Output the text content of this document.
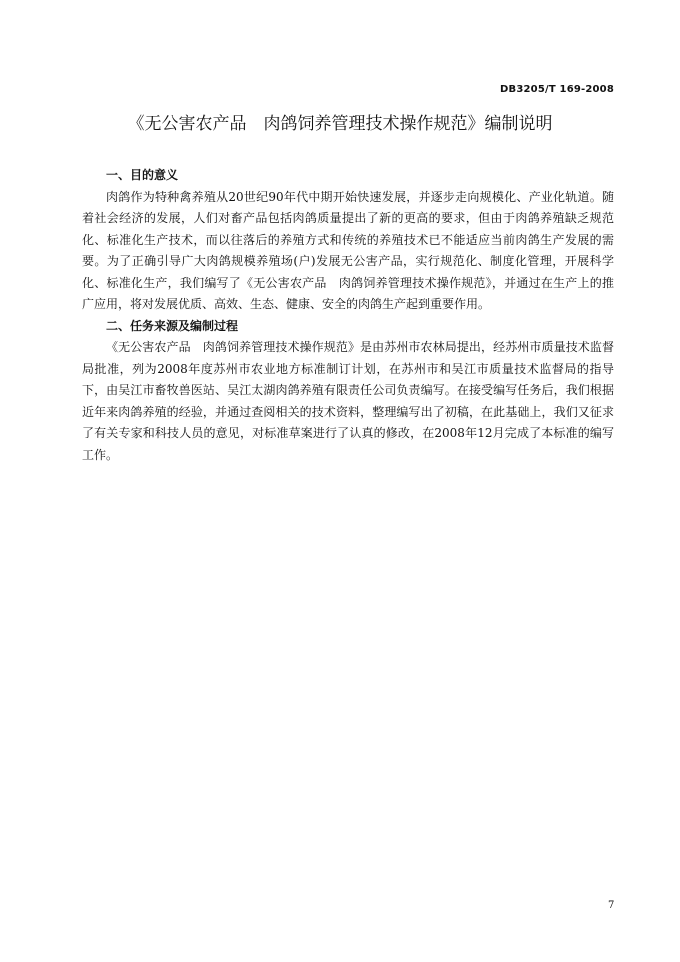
DB3205/T 169-2008
《无公害农产品　肉鸽饲养管理技术操作规范》编制说明

一、目的意义

肉鸽作为特种禽养殖从20世纪90年代中期开始快速发展，并逐步走向规模化、产业化轨道。随着社会经济的发展，人们对畜产品包括肉鸽质量提出了新的更高的要求，但由于肉鸽养殖缺乏规范化、标准化生产技术，而以往落后的养殖方式和传统的养殖技术已不能适应当前肉鸽生产发展的需要。为了正确引导广大肉鸽规模养殖场(户)发展无公害产品，实行规范化、制度化管理，开展科学化、标准化生产，我们编写了《无公害农产品　肉鸽饲养管理技术操作规范》，并通过在生产上的推广应用，将对发展优质、高效、生态、健康、安全的肉鸽生产起到重要作用。

二、任务来源及编制过程

《无公害农产品　肉鸽饲养管理技术操作规范》是由苏州市农林局提出，经苏州市质量技术监督局批准，列为2008年度苏州市农业地方标准制订计划，在苏州市和吴江市质量技术监督局的指导下，由吴江市畜牧兽医站、吴江太湖肉鸽养殖有限责任公司负责编写。在接受编写任务后，我们根据近年来肉鸽养殖的经验，并通过查阅相关的技术资料，整理编写出了初稿，在此基础上，我们又征求了有关专家和科技人员的意见，对标准草案进行了认真的修改，在2008年12月完成了本标准的编写工作。

7
